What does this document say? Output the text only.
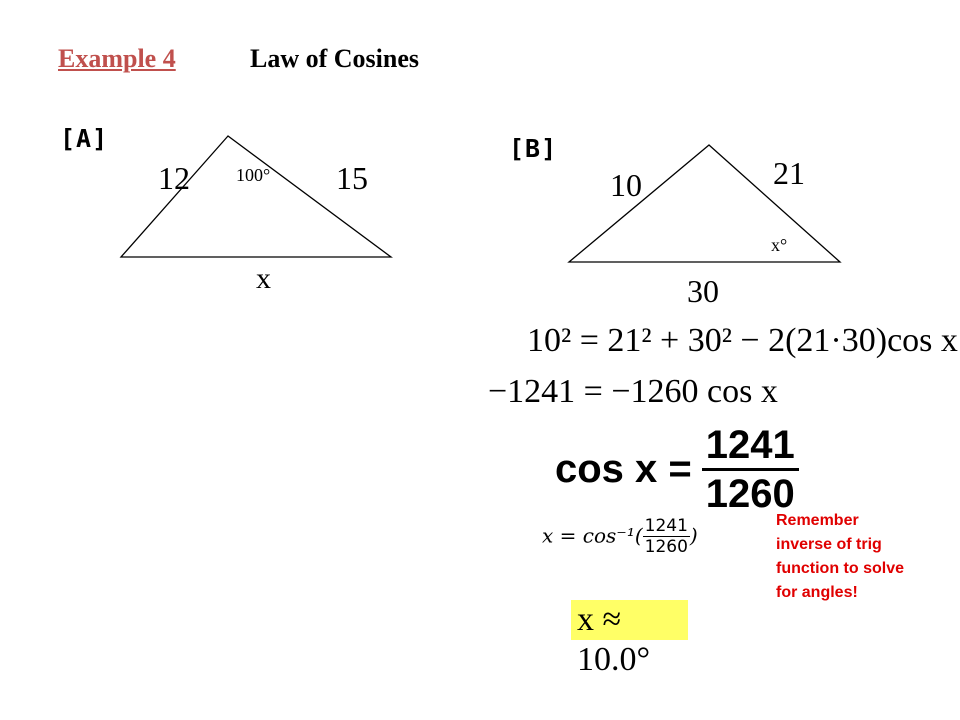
Example 4	Law of Cosines
[A]
12	15
100°
x
[B]
10	21
30
x°
10² = 21² + 30² − 2(21·30)cos x
−1241 = −1260 cos x
$\cos x = \frac{1241}{1260}$
$x = \cos^{-1}( \frac{1241}{1260}$ )
x ≈ 10.0°
Remember inverse of trig function to solve for angles!
